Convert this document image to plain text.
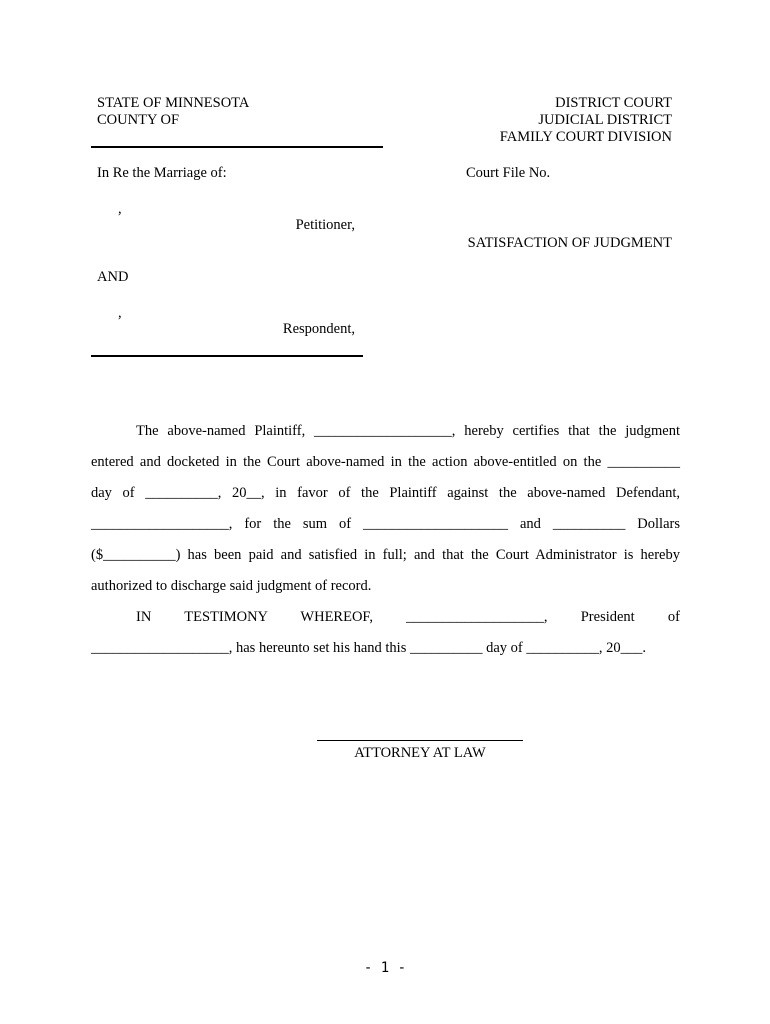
STATE OF MINNESOTA
COUNTY OF
DISTRICT COURT
JUDICIAL DISTRICT
FAMILY COURT DIVISION
In Re the Marriage of:	Court File No.
,
Petitioner,
SATISFACTION OF JUDGMENT
AND
,
Respondent,
The above-named Plaintiff, ___________________, hereby certifies that the judgment
entered and docketed in the Court above-named in the action above-entitled on the __________
day of __________, 20__, in favor of the Plaintiff against the above-named Defendant,
___________________, for the sum of ____________________ and __________ Dollars
($__________) has been paid and satisfied in full; and that the Court Administrator is hereby
authorized to discharge said judgment of record.
IN TESTIMONY WHEREOF, ___________________, President of
___________________, has hereunto set his hand this __________ day of __________, 20___.
ATTORNEY AT LAW
- 1 -
